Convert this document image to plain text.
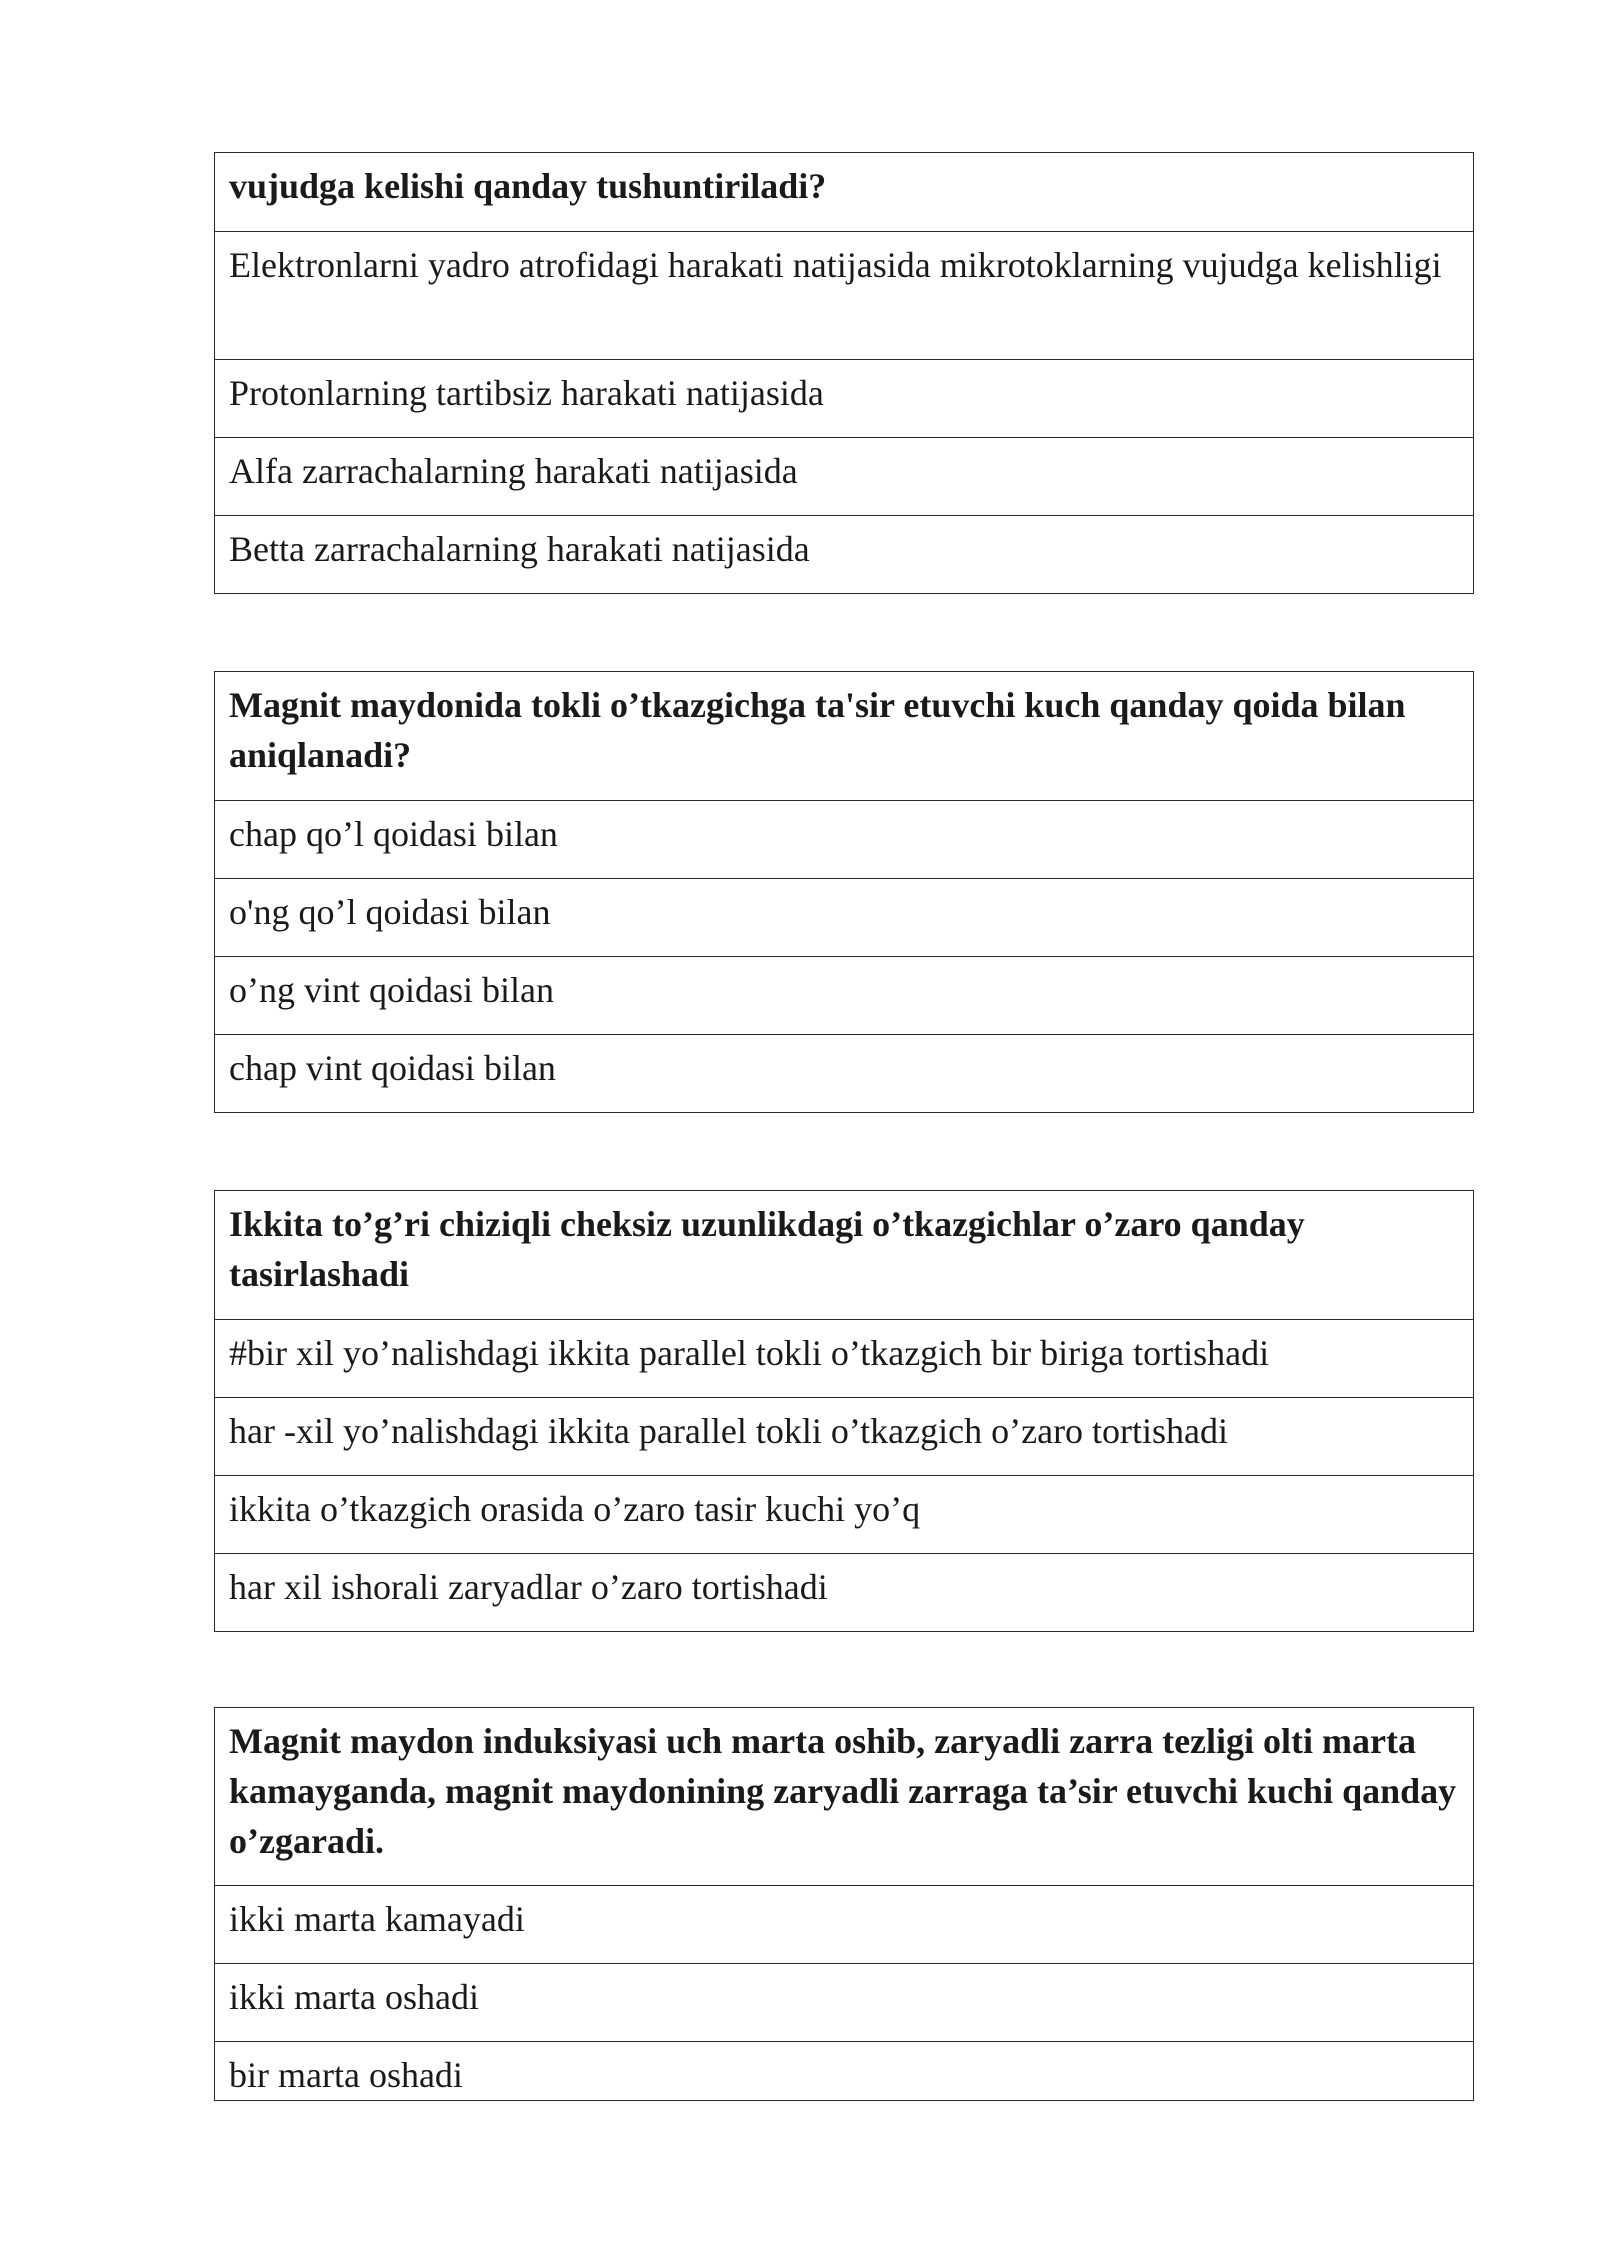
vujudga kelishi qanday tushuntiriladi?
Elektronlarni yadro atrofidagi harakati natijasida mikrotoklarning vujudga kelishligi
Protonlarning tartibsiz harakati natijasida
Alfa zarrachalarning harakati natijasida
Betta zarrachalarning harakati natijasida
Magnit maydonida tokli o’tkazgichga ta'sir etuvchi kuch qanday qoida bilan aniqlanadi?
chap qo’l qoidasi bilan
o'ng qo’l qoidasi bilan
o’ng vint qoidasi bilan
chap vint qoidasi bilan
Ikkita to’g’ri chiziqli cheksiz uzunlikdagi o’tkazgichlar o’zaro qanday tasirlashadi
#bir xil yo’nalishdagi ikkita parallel tokli o’tkazgich bir biriga tortishadi
har -xil yo’nalishdagi ikkita parallel tokli o’tkazgich o’zaro tortishadi
ikkita o’tkazgich orasida o’zaro tasir kuchi yo’q
har xil ishorali zaryadlar o’zaro tortishadi
Magnit maydon induksiyasi uch marta oshib, zaryadli zarra tezligi olti marta kamayganda, magnit maydonining zaryadli zarraga ta’sir etuvchi kuchi qanday o’zgaradi.
ikki marta kamayadi
ikki marta oshadi
bir marta oshadi
